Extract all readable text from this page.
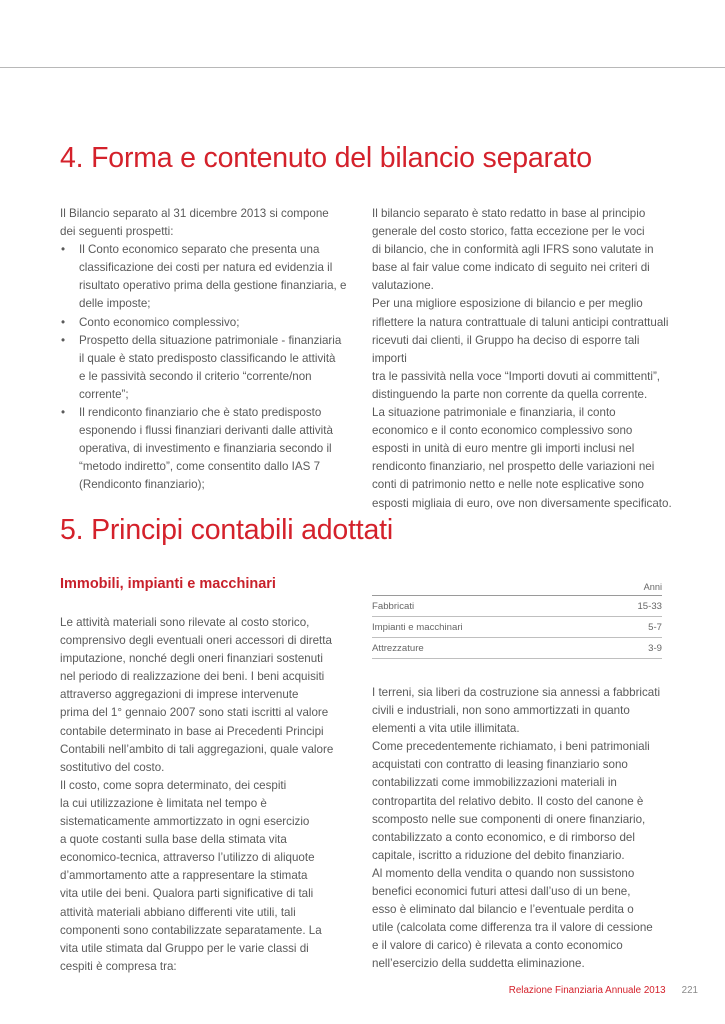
4. Forma e contenuto del bilancio separato

Il Bilancio separato al 31 dicembre 2013 si compone

dei seguenti prospetti:

• Il Conto economico separato che presenta una
classificazione dei costi per natura ed evidenzia il
risultato operativo prima della gestione finanziaria, e
delle imposte;
• Conto economico complessivo;
• Prospetto della situazione patrimoniale - finanziaria
il quale è stato predisposto classificando le attività
e le passività secondo il criterio “corrente/non
corrente”;
• Il rendiconto finanziario che è stato predisposto
esponendo i flussi finanziari derivanti dalle attività
operativa, di investimento e finanziaria secondo il
“metodo indiretto”, come consentito dallo IAS 7
(Rendiconto finanziario);
Il bilancio separato è stato redatto in base al principio
generale del costo storico, fatta eccezione per le voci
di bilancio, che in conformità agli IFRS sono valutate in
base al fair value come indicato di seguito nei criteri di
valutazione.
Per una migliore esposizione di bilancio e per meglio
riflettere la natura contrattuale di taluni anticipi contrattuali
ricevuti dai clienti, il Gruppo ha deciso di esporre tali importi
tra le passività nella voce “Importi dovuti ai committenti”,
distinguendo la parte non corrente da quella corrente.
La situazione patrimoniale e finanziaria, il conto
economico e il conto economico complessivo sono
esposti in unità di euro mentre gli importi inclusi nel
rendiconto finanziario, nel prospetto delle variazioni nei
conti di patrimonio netto e nelle note esplicative sono
esposti migliaia di euro, ove non diversamente specificato.
5. Principi contabili adottati
Immobili, impianti e macchinari
Le attività materiali sono rilevate al costo storico,
comprensivo degli eventuali oneri accessori di diretta
imputazione, nonché degli oneri finanziari sostenuti
nel periodo di realizzazione dei beni. I beni acquisiti
attraverso aggregazioni di imprese intervenute
prima del 1° gennaio 2007 sono stati iscritti al valore
contabile determinato in base ai Precedenti Principi
Contabili nell’ambito di tali aggregazioni, quale valore
sostitutivo del costo.
Il costo, come sopra determinato, dei cespiti
la cui utilizzazione è limitata nel tempo è
sistematicamente ammortizzato in ogni esercizio
a quote costanti sulla base della stimata vita
economico-tecnica, attraverso l’utilizzo di aliquote
d’ammortamento atte a rappresentare la stimata
vita utile dei beni. Qualora parti significative di tali
attività materiali abbiano differenti vite utili, tali
componenti sono contabilizzate separatamente. La
vita utile stimata dal Gruppo per le varie classi di
cespiti è compresa tra:
Anni
Fabbricati	15-33
Impianti e macchinari	5-7
Attrezzature	3-9
I terreni, sia liberi da costruzione sia annessi a fabbricati
civili e industriali, non sono ammortizzati in quanto
elementi a vita utile illimitata.
Come precedentemente richiamato, i beni patrimoniali
acquistati con contratto di leasing finanziario sono
contabilizzati come immobilizzazioni materiali in
contropartita del relativo debito. Il costo del canone è
scomposto nelle sue componenti di onere finanziario,
contabilizzato a conto economico, e di rimborso del
capitale, iscritto a riduzione del debito finanziario.
Al momento della vendita o quando non sussistono
benefici economici futuri attesi dall’uso di un bene,
esso è eliminato dal bilancio e l’eventuale perdita o
utile (calcolata come differenza tra il valore di cessione
e il valore di carico) è rilevata a conto economico
nell’esercizio della suddetta eliminazione.
Relazione Finanziaria Annuale 2013 221
